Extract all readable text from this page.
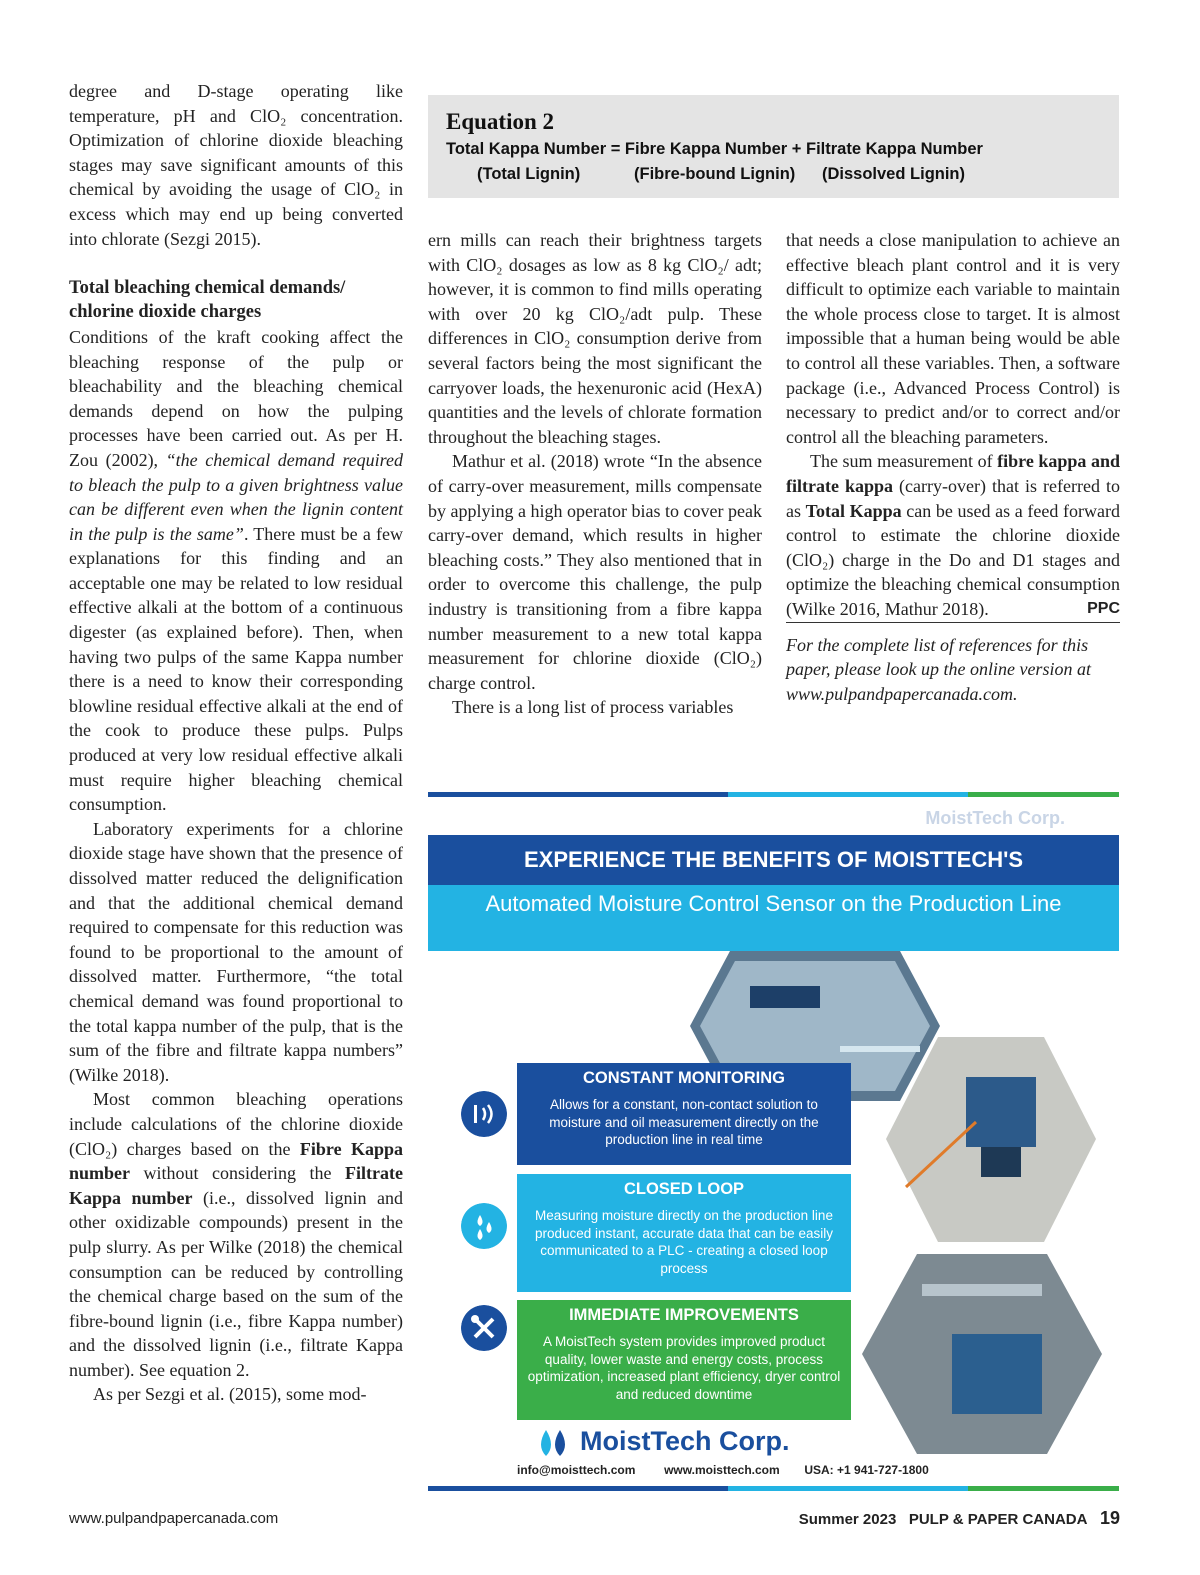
degree and D-stage operating like temperature, pH and ClO₂ concentration. Optimization of chlorine dioxide bleaching stages may save significant amounts of this chemical by avoiding the usage of ClO₂ in excess which may end up being converted into chlorate (Sezgi 2015).

Total bleaching chemical demands/ chlorine dioxide charges

Conditions of the kraft cooking affect the bleaching response of the pulp or bleachability and the bleaching chemical demands depend on how the pulping processes have been carried out. As per H. Zou (2002), “the chemical demand required to bleach the pulp to a given brightness value can be different even when the lignin content in the pulp is the same”. There must be a few explanations for this finding and an acceptable one may be related to low residual effective alkali at the bottom of a continuous digester (as explained before). Then, when having two pulps of the same Kappa number there is a need to know their corresponding blowline residual effective alkali at the end of the cook to produce these pulps. Pulps produced at very low residual effective alkali must require higher bleaching chemical consumption.

Laboratory experiments for a chlorine dioxide stage have shown that the presence of dissolved matter reduced the delignification and that the additional chemical demand required to compensate for this reduction was found to be proportional to the amount of dissolved matter. Furthermore, “the total chemical demand was found proportional to the total kappa number of the pulp, that is the sum of the fibre and filtrate kappa numbers” (Wilke 2018).

Most common bleaching operations include calculations of the chlorine dioxide (ClO₂) charges based on the Fibre Kappa number without considering the Filtrate Kappa number (i.e., dissolved lignin and other oxidizable compounds) present in the pulp slurry. As per Wilke (2018) the chemical consumption can be reduced by controlling the chemical charge based on the sum of the fibre-bound lignin (i.e., fibre Kappa number) and the dissolved lignin (i.e., filtrate Kappa number). See equation 2.

As per Sezgi et al. (2015), some mod-

Equation 2
Total Kappa Number = Fibre Kappa Number + Filtrate Kappa Number
(Total Lignin)	(Fibre-bound Lignin) (Dissolved Lignin)

ern mills can reach their brightness targets with ClO₂ dosages as low as 8 kg ClO₂/ adt; however, it is common to find mills operating with over 20 kg ClO₂/adt pulp. These differences in ClO₂ consumption derive from several factors being the most significant the carryover loads, the hexenuronic acid (HexA) quantities and the levels of chlorate formation throughout the bleaching stages.

Mathur et al. (2018) wrote “In the absence of carry-over measurement, mills compensate by applying a high operator bias to cover peak carry-over demand, which results in higher bleaching costs.” They also mentioned that in order to overcome this challenge, the pulp industry is transitioning from a fibre kappa number measurement to a new total kappa measurement for chlorine dioxide (ClO₂) charge control.

There is a long list of process variables

that needs a close manipulation to achieve an effective bleach plant control and it is very difficult to optimize each variable to maintain the whole process close to target. It is almost impossible that a human being would be able to control all these variables. Then, a software package (i.e., Advanced Process Control) is necessary to predict and/or to correct and/or control all the bleaching parameters.

The sum measurement of fibre kappa and filtrate kappa (carry-over) that is referred to as Total Kappa can be used as a feed forward control to estimate the chlorine dioxide (ClO₂) charge in the Do and D1 stages and optimize the bleaching chemical consumption (Wilke 2016, Mathur 2018).	PPC

For the complete list of references for this paper, please look up the online version at www.pulpandpapercanada.com.

MoistTech Corp.
EXPERIENCE THE BENEFITS OF MOISTTECH'S
Automated Moisture Control Sensor on the Production Line
CONSTANT MONITORING
Allows for a constant, non-contact solution to moisture and oil measurement directly on the production line in real time
CLOSED LOOP
Measuring moisture directly on the production line produced instant, accurate data that can be easily communicated to a PLC - creating a closed loop process
IMMEDIATE IMPROVEMENTS
A MoistTech system provides improved product quality, lower waste and energy costs, process optimization, increased plant efficiency, dryer control and reduced downtime
MoistTech Corp.
info@moisttech.com www.moisttech.com USA: +1 941-727-1800
www.pulpandpapercanada.com	Summer 2023 PULP & PAPER CANADA 19
